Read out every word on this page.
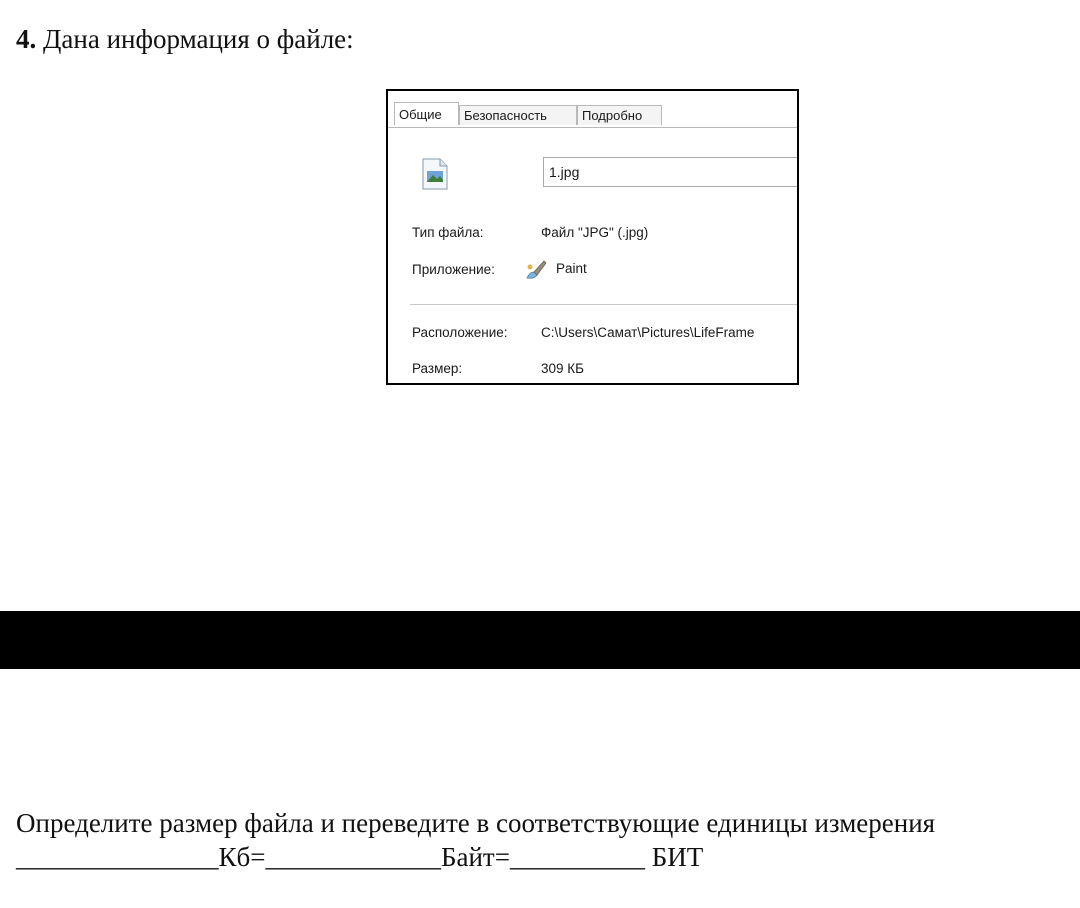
4. Дана информация о файле:
Общие	Безопасность	Подробно
1.jpg
Тип файла:	Файл "JPG" (.jpg)
Приложение:	Paint
Расположение: C:\Users\Самат\Pictures\LifeFrame
Размер:	309 КБ
Определите размер файла и переведите в соответствующие единицы измерения
_______________Кб=_____________Байт=__________ БИТ
